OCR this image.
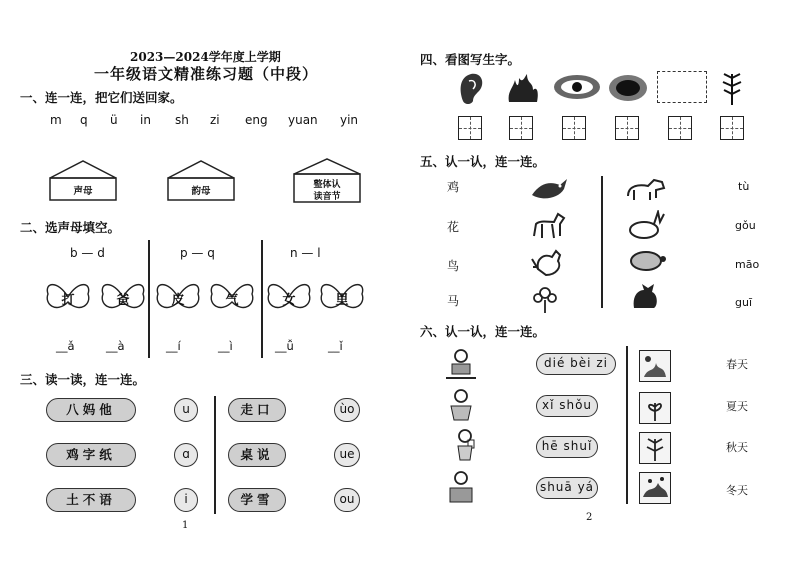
2023—2024学年度上学期
一年级语文精准练习题（中段）
一、连一连，把它们送回家。
m q ü in sh zi eng yuan yin
声母	韵母
整体认
读音节
二、选声母填空。
b — d	p — q	n — l
打	爸	皮	气	女	里
__ǎ	__à	__í	__ì	__ǚ	__ǐ
三、读一读，连一连。
八妈他
鸡字纸
土不语
u
ɑ
i
走口
桌说
学雪
ùo
ue
ou
1
四、看图写生字。
五、认一认，连一连。
鸡
花
鸟
马
tù
gǒu
māo
guī
六、认一认，连一连。
dié bèi zi
xǐ shǒu
hē shuǐ
shuā yá
春天
夏天
秋天
冬天
2
